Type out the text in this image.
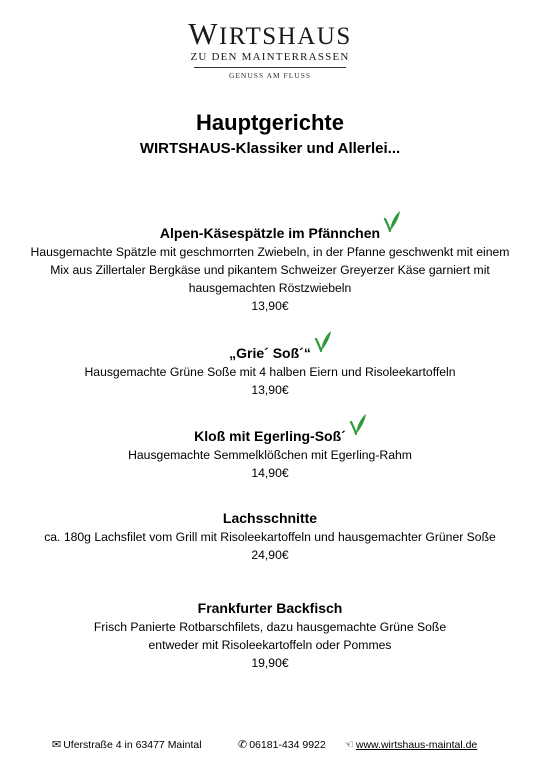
WIRTSHAUS
ZU DEN MAINTERRASSEN
GENUSS AM FLUSS
Hauptgerichte
WIRTSHAUS-Klassiker und Allerlei...
Alpen-Käsespätzle im Pfännchen
Hausgemachte Spätzle mit geschmorrten Zwiebeln, in der Pfanne geschwenkt mit einem
Mix aus Zillertaler Bergkäse und pikantem Schweizer Greyerzer Käse garniert mit
hausgemachten Röstzwiebeln
13,90€
„Grie´ Soß´“
Hausgemachte Grüne Soße mit 4 halben Eiern und Risoleekartoffeln
13,90€
Kloß mit Egerling-Soß´
Hausgemachte Semmelklößchen mit Egerling-Rahm
14,90€
Lachsschnitte
ca. 180g Lachsfilet vom Grill mit Risoleekartoffeln und hausgemachter Grüner Soße
24,90€
Frankfurter Backfisch
Frisch Panierte Rotbarschfilets, dazu hausgemachte Grüne Soße
entweder mit Risoleekartoffeln oder Pommes
19,90€
✉ Uferstraße 4 in 63477 Maintal	✆ 06181-434 9922 ☜ www.wirtshaus-maintal.de
